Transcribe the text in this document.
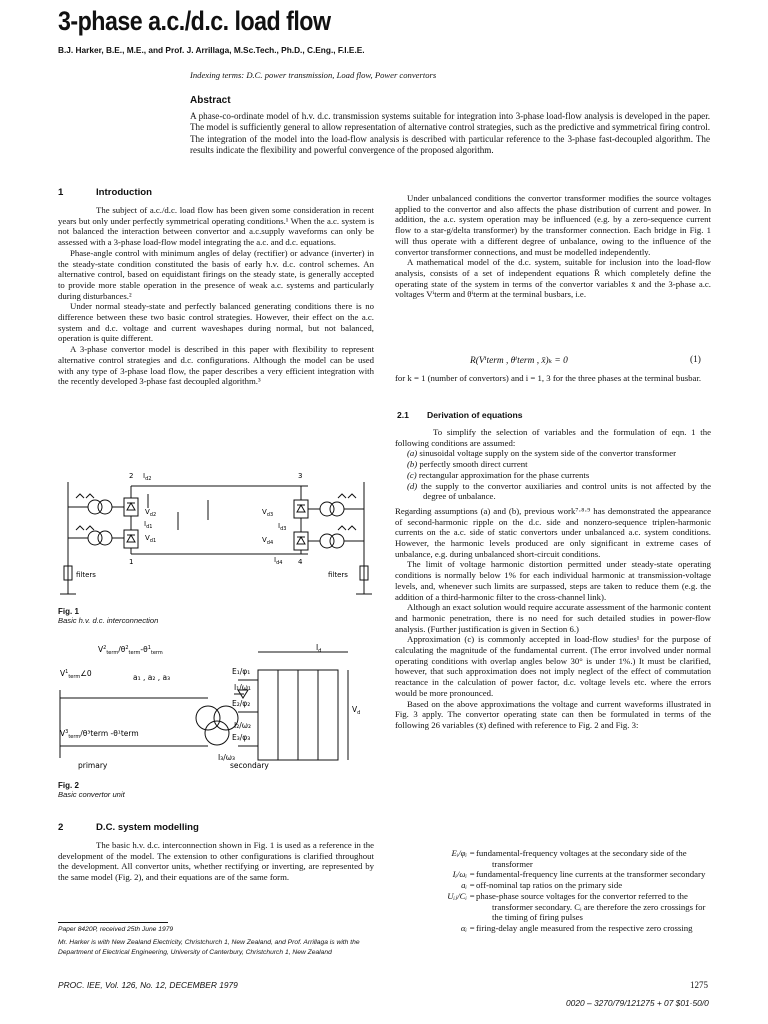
3-phase a.c./d.c. load flow
B.J. Harker, B.E., M.E., and Prof. J. Arrillaga, M.Sc.Tech., Ph.D., C.Eng., F.I.E.E.
Indexing terms: D.C. power transmission, Load flow, Power convertors
Abstract
A phase-co-ordinate model of h.v. d.c. transmission systems suitable for integration into 3-phase load-flow analysis is developed in the paper. The model is sufficiently general to allow representation of alternative control strategies, such as the predictive and symmetrical firing control. The integration of the model into the load-flow analysis is described with particular reference to the 3-phase fast-decoupled algorithm. The results indicate the flexibility and powerful convergence of the proposed algorithm.
1	Introduction

The subject of a.c./d.c. load flow has been given some consideration in recent years but only under perfectly symmetrical operating conditions.¹ When the a.c. system is not balanced the interaction between convertor and a.c.supply waveforms can only be assessed with a 3-phase load-flow model integrating the a.c. and d.c. equations.

Phase-angle control with minimum angles of delay (rectifier) or advance (inverter) in the steady-state condition constituted the basis of early h.v. d.c. control schemes. An alternative control, based on equidistant firings on the steady state, is generally accepted to provide more stable operation in the presence of weak a.c. systems and particularly during disturbances.²

Under normal steady-state and perfectly balanced generating conditions there is no difference between these two basic control strategies. However, their effect on the a.c. system and d.c. voltage and current waveshapes during normal, but not balanced, operation is quite different.

A 3-phase convertor model is described in this paper with flexibility to represent alternative control strategies and d.c. configurations. Although the model can be used with any type of 3-phase load flow, the paper describes a very efficient integration with the recently developed 3-phase fast decoupled algorithm.³

2 $I_{d2}$
$V_{d2}$
$I_{d1}$
$V_{d1}$
1
3
$V_{d3}$
$I_{d3}$
$V_{d4}$
$I_{d4}$ 4
filters	filters
Fig. 1
Basic h.v. d.c. interconnection
$V^2_{term}/\theta^2_{term}-\theta^1_{term}$
$V^1_{term}\angle 0$	a₁ , a₂ , a₃
$V^3_{term}$/θ³term -θ¹term
E₁/φ₁
I₁/ω₁
E₂/φ₂
I₂/ω₂
E₃/φ₃
I₃/ω₃
$I_d$
$V_d$
primary	secondary
Fig. 2
Basic convertor unit
2	D.C. system modelling

The basic h.v. d.c. interconnection shown in Fig. 1 is used as a reference in the development of the model. The extension to other configurations is clarified throughout the development. All convertor units, whether rectifying or inverting, are represented by the same model (Fig. 2), and their equations are of the same form.

Paper 8420P, received 25th June 1979
Mr. Harker is with New Zealand Electricity, Christchurch 1, New Zealand, and Prof. Arrillaga is with the Department of Electrical Engineering, University of Canterbury, Christchurch 1, New Zealand
PROC. IEE, Vol. 126, No. 12, DECEMBER 1979

Under unbalanced conditions the convertor transformer modifies the source voltages applied to the convertor and also affects the phase distribution of current and power. In addition, the a.c. system operation may be influenced (e.g. by a zero-sequence current flow to a star-g/delta transformer) by the transformer connection. Each bridge in Fig. 1 will thus operate with a different degree of unbalance, owing to the influence of the convertor transformer connections, and must be modelled independently.

A mathematical model of the d.c. system, suitable for inclusion into the load-flow analysis, consists of a set of independent equations R̄ which completely define the operating state of the system in terms of the convertor variables x̄ and the 3-phase a.c. voltages Vⁱterm and θⁱterm at the terminal busbars, i.e.

R(Vⁱterm , θⁱterm , x̄)ₖ = 0	(1)
for k = 1 (number of convertors) and i = 1, 3 for the three phases at the terminal busbar.
2.1 Derivation of equations

To simplify the selection of variables and the formulation of eqn. 1 the following conditions are assumed:

(a) sinusoidal voltage supply on the system side of the convertor transformer
(b) perfectly smooth direct current
(c) rectangular approximation for the phase currents
(d) the supply to the convertor auxiliaries and control units is not affected by the degree of unbalance.

Regarding assumptions (a) and (b), previous work⁷·⁸·⁹ has demonstrated the appearance of second-harmonic ripple on the d.c. side and nonzero-sequence triplen-harmonic currents on the a.c. side of static convertors under unbalanced a.c. system conditions. However, the harmonic levels produced are only significant in extreme cases of unbalance, e.g. during unbalanced short-circuit conditions.

The limit of voltage harmonic distortion permitted under steady-state operating conditions is normally below 1% for each individual harmonic at transmission-voltage levels, and, whenever such limits are surpassed, steps are taken to reduce them (e.g. the addition of a third-harmonic filter to the cross-channel link).

Although an exact solution would require accurate assessment of the harmonic content and harmonic penetration, there is no need for such detailed studies in power-flow analysis. (Further justification is given in Section 6.)

Approximation (c) is commonly accepted in load-flow studies¹ for the purpose of calculating the magnitude of the fundamental current. (The error involved under normal operating conditions with overlap angles below 30° is under 1%.) It must be clarified, however, that such approximation does not imply neglect of the effect of commutation reactance in the calculation of power factor, d.c. voltage levels etc. where the errors would be more pronounced.

Based on the above approximations the voltage and current waveforms illustrated in Fig. 3 apply. The convertor operating state can then be formulated in terms of the following 26 variables (x̄) defined with reference to Fig. 2 and Fig. 3:

Eᵢ/φᵢ = fundamental-frequency voltages at the secondary side of the transformer
Iᵢ/ωᵢ = fundamental-frequency line currents at the transformer secondary
aᵢ = off-nominal tap ratios on the primary side
Uᵢⱼ/Cᵢ = phase-phase source voltages for the convertor referred to the transformer secondary. Cᵢ are therefore the zero crossings for the timing of firing pulses
αᵢ = firing-delay angle measured from the respective zero crossing
1275
0020 – 3270/79/121275 + 07 $01·50/0
